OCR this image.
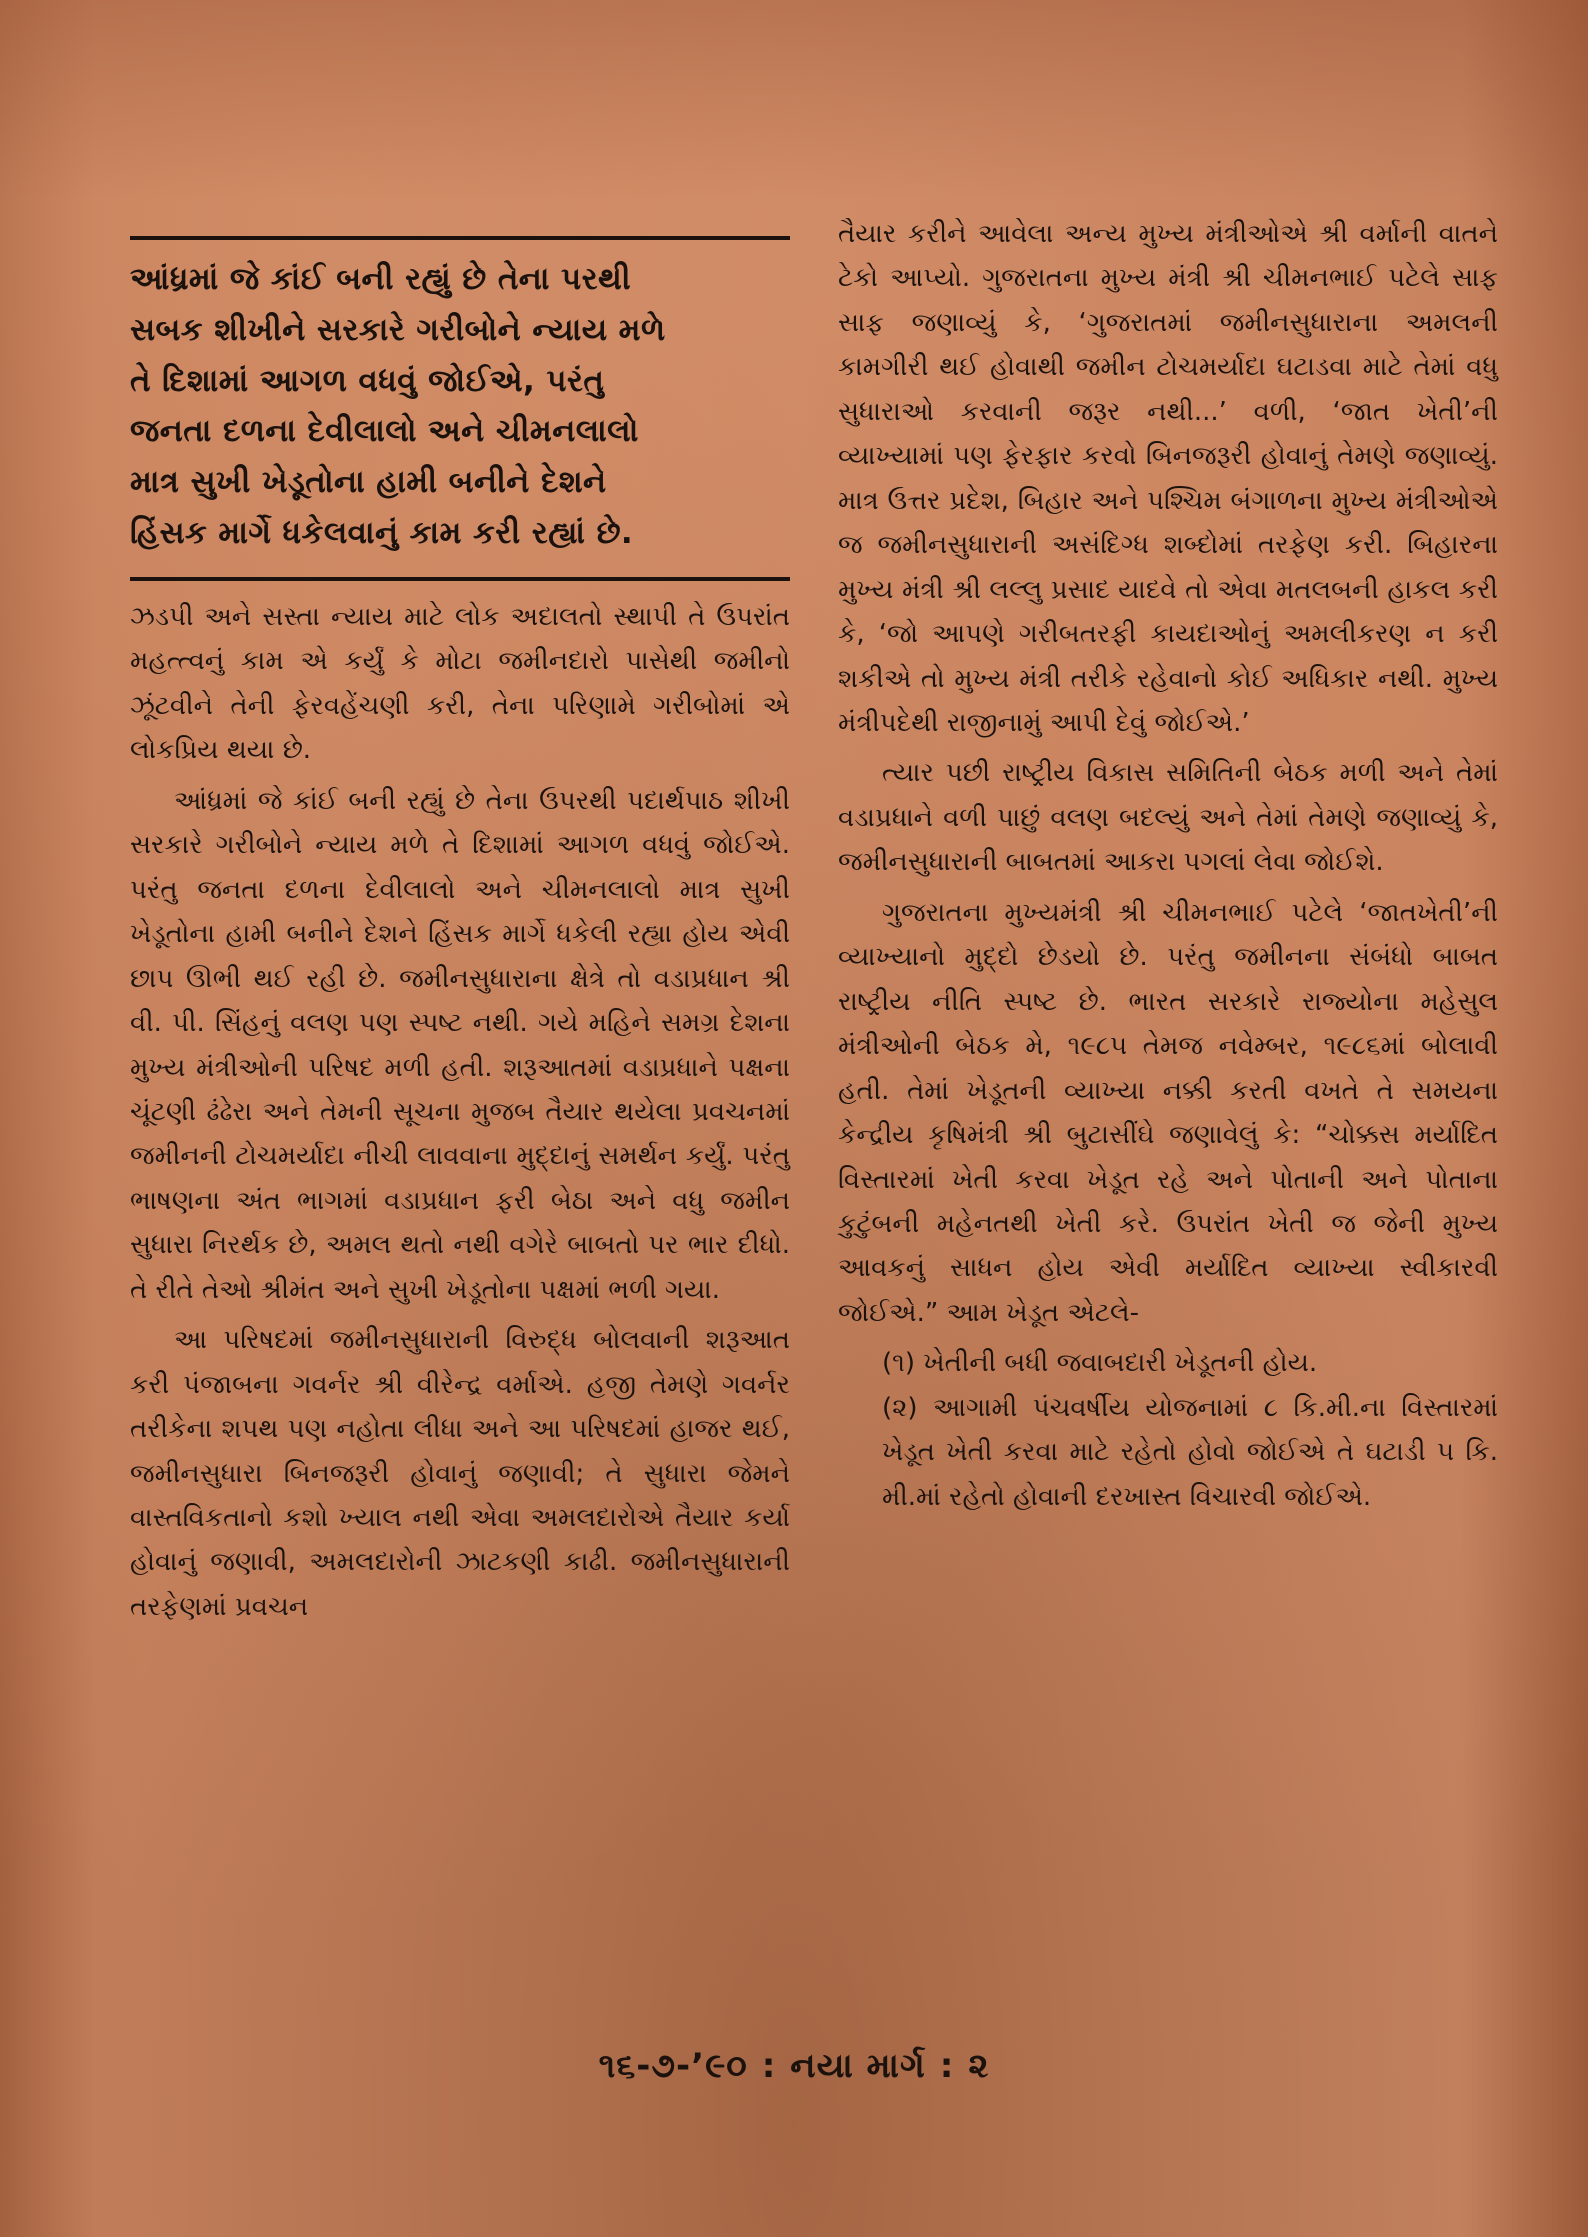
આંધ્રમાં જે કાંઈ બની રહ્યું છે તેના પરથી
સબક શીખીને સરકારે ગરીબોને ન્યાય મળે
તે દિશામાં આગળ વધવું જોઈએ, પરંતુ
જનતા દળના દેવીલાલો અને ચીમનલાલો
માત્ર સુખી ખેડૂતોના હામી બનીને દેશને
હિંસક માર્ગે ધકેલવાનું કામ કરી રહ્યાં છે.

ઝડપી અને સસ્તા ન્યાય માટે લોક અદાલતો સ્થાપી તે ઉપરાંત મહત્ત્વનું કામ એ કર્યું કે મોટા જમીનદારો પાસેથી જમીનો ઝૂંટવીને તેની ફેરવહેંચણી કરી, તેના પરિણામે ગરીબોમાં એ લોકપ્રિય થયા છે.

આંધ્રમાં જે કાંઈ બની રહ્યું છે તેના ઉપરથી પદાર્થપાઠ શીખી સરકારે ગરીબોને ન્યાય મળે તે દિશામાં આગળ વધવું જોઈએ. પરંતુ જનતા દળના દેવીલાલો અને ચીમનલાલો માત્ર સુખી ખેડૂતોના હામી બનીને દેશને હિંસક માર્ગે ધકેલી રહ્યા હોય એવી છાપ ઊભી થઈ રહી છે. જમીનસુધારાના ક્ષેત્રે તો વડાપ્રધાન શ્રી વી. પી. સિંહનું વલણ પણ સ્પષ્ટ નથી. ગયે મહિને સમગ્ર દેશના મુખ્ય મંત્રીઓની પરિષદ મળી હતી. શરૂઆતમાં વડાપ્રધાને પક્ષના ચૂંટણી ઢંઢેરા અને તેમની સૂચના મુજબ તૈયાર થયેલા પ્રવચનમાં જમીનની ટોચમર્યાદા નીચી લાવવાના મુદ્દાનું સમર્થન કર્યું. પરંતુ ભાષણના અંત ભાગમાં વડાપ્રધાન ફરી બેઠા અને વધુ જમીન સુધારા નિરર્થક છે, અમલ થતો નથી વગેરે બાબતો પર ભાર દીધો. તે રીતે તેઓ શ્રીમંત અને સુખી ખેડૂતોના પક્ષમાં ભળી ગયા.

આ પરિષદમાં જમીનસુધારાની વિરુદ્ધ બોલવાની શરૂઆત કરી પંજાબના ગવર્નર શ્રી વીરેન્દ્ર વર્માએ. હજી તેમણે ગવર્નર તરીકેના શપથ પણ નહોતા લીધા અને આ પરિષદમાં હાજર થઈ, જમીનસુધારા બિનજરૂરી હોવાનું જણાવી; તે સુધારા જેમને વાસ્તવિકતાનો કશો ખ્યાલ નથી એવા અમલદારોએ તૈયાર કર્યા હોવાનું જણાવી, અમલદારોની ઝાટકણી કાઢી. જમીનસુધારાની તરફેણમાં પ્રવચન

તૈયાર કરીને આવેલા અન્ય મુખ્ય મંત્રીઓએ શ્રી વર્માની વાતને ટેકો આપ્યો. ગુજરાતના મુખ્ય મંત્રી શ્રી ચીમનભાઈ પટેલે સાફ સાફ જણાવ્યું કે, ‘ગુજરાતમાં જમીનસુધારાના અમલની કામગીરી થઈ હોવાથી જમીન ટોચમર્યાદા ઘટાડવા માટે તેમાં વધુ સુધારાઓ કરવાની જરૂર નથી...’ વળી, ‘જાત ખેતી’ની વ્યાખ્યામાં પણ ફેરફાર કરવો બિનજરૂરી હોવાનું તેમણે જણાવ્યું. માત્ર ઉત્તર પ્રદેશ, બિહાર અને પશ્ચિમ બંગાળના મુખ્ય મંત્રીઓએ જ જમીનસુધારાની અસંદિગ્ધ શબ્દોમાં તરફેણ કરી. બિહારના મુખ્ય મંત્રી શ્રી લલ્લુ પ્રસાદ યાદવે તો એવા મતલબની હાકલ કરી કે, ‘જો આપણે ગરીબતરફી કાયદાઓનું અમલીકરણ ન કરી શકીએ તો મુખ્ય મંત્રી તરીકે રહેવાનો કોઈ અધિકાર નથી. મુખ્ય મંત્રીપદેથી રાજીનામું આપી દેવું જોઈએ.’

ત્યાર પછી રાષ્ટ્રીય વિકાસ સમિતિની બેઠક મળી અને તેમાં વડાપ્રધાને વળી પાછું વલણ બદલ્યું અને તેમાં તેમણે જણાવ્યું કે, જમીનસુધારાની બાબતમાં આકરા પગલાં લેવા જોઈશે.

ગુજરાતના મુખ્યમંત્રી શ્રી ચીમનભાઈ પટેલે ‘જાતખેતી’ની વ્યાખ્યાનો મુદ્દો છેડયો છે. પરંતુ જમીનના સંબંધો બાબત રાષ્ટ્રીય નીતિ સ્પષ્ટ છે. ભારત સરકારે રાજ્યોના મહેસુલ મંત્રીઓની બેઠક મે, ૧૯૮૫ તેમજ નવેમ્બર, ૧૯૮૬માં બોલાવી હતી. તેમાં ખેડૂતની વ્યાખ્યા નક્કી કરતી વખતે તે સમયના કેન્દ્રીય કૃષિમંત્રી શ્રી બુટાસીંઘે જણાવેલું કે: “ચોક્કસ મર્યાદિત વિસ્તારમાં ખેતી કરવા ખેડૂત રહે અને પોતાની અને પોતાના કુટુંબની મહેનતથી ખેતી કરે. ઉપરાંત ખેતી જ જેની મુખ્ય આવકનું સાધન હોય એવી મર્યાદિત વ્યાખ્યા સ્વીકારવી જોઈએ.” આમ ખેડૂત એટલે-

(૧) ખેતીની બધી જવાબદારી ખેડૂતની હોય.

(૨) આગામી પંચવર્ષીય યોજનામાં ૮ કિ.મી.ના વિસ્તારમાં ખેડૂત ખેતી કરવા માટે રહેતો હોવો જોઈએ તે ઘટાડી ૫ કિ. મી.માં રહેતો હોવાની દરખાસ્ત વિચારવી જોઈએ.

૧૬-૭-’૯૦ : નયા માર્ગ : ૨
